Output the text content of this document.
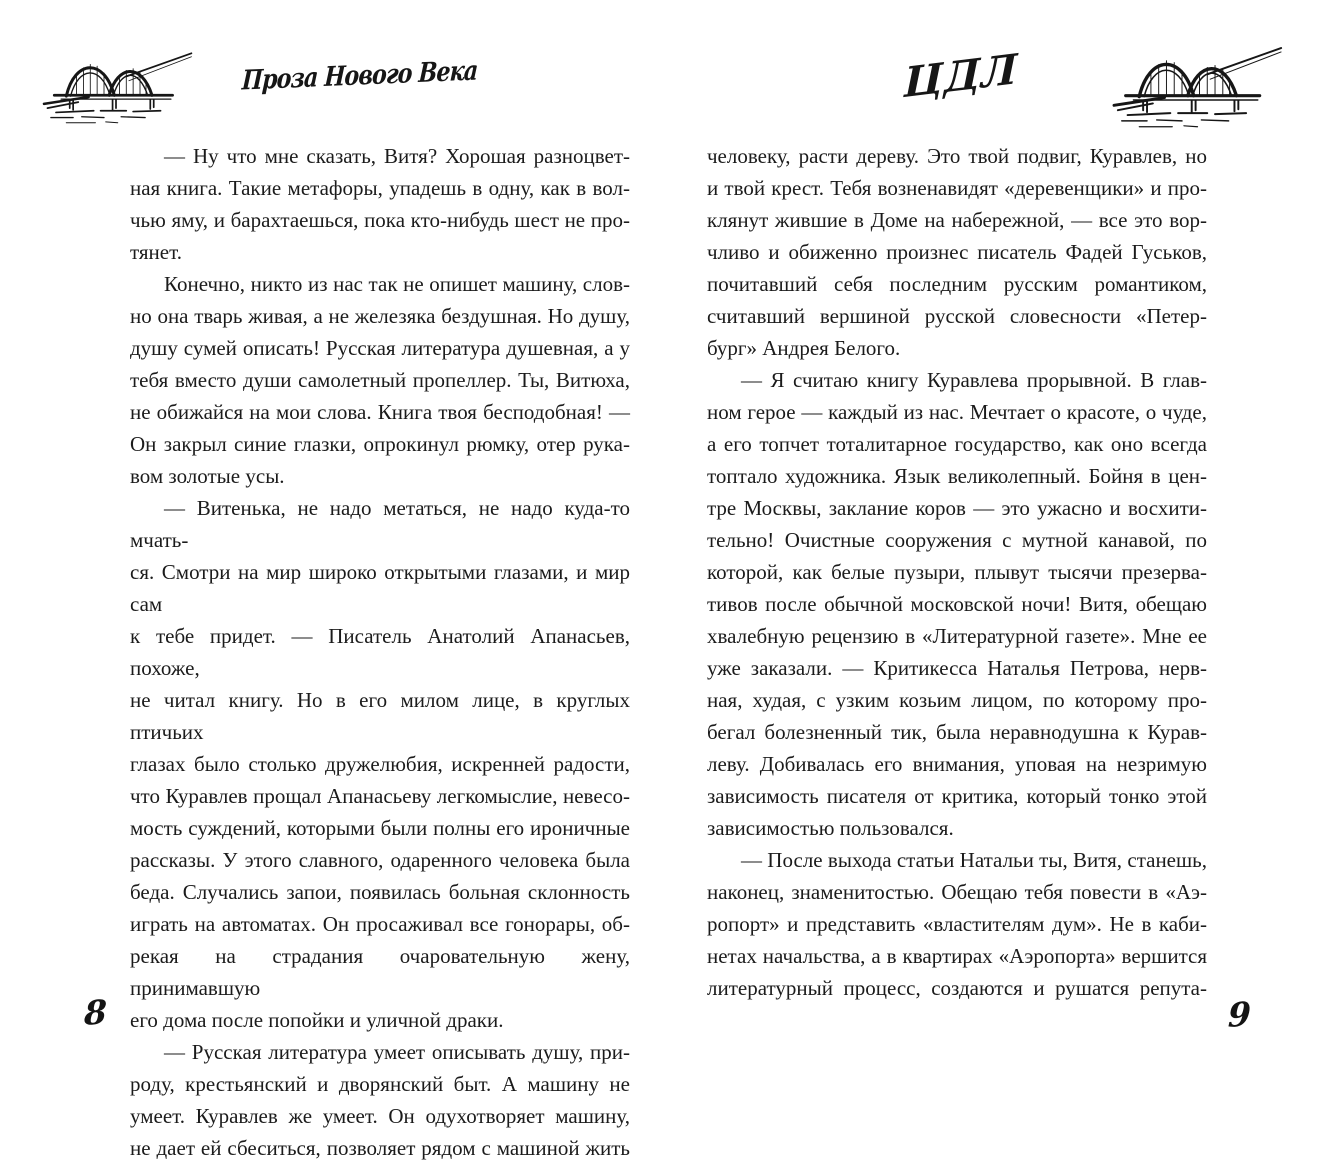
Проза Нового Века	ЦДЛ
— Ну что мне сказать, Витя? Хорошая разноцвет-
ная книга. Такие метафоры, упадешь в одну, как в вол-
чью яму, и барахтаешься, пока кто-нибудь шест не про-
тянет.
Конечно, никто из нас так не опишет машину, слов-
но она тварь живая, а не железяка бездушная. Но душу,
душу сумей описать! Русская литература душевная, а у
тебя вместо души самолетный пропеллер. Ты, Витюха,
не обижайся на мои слова. Книга твоя бесподобная! —
Он закрыл синие глазки, опрокинул рюмку, отер рука-
вом золотые усы.
— Витенька, не надо метаться, не надо куда-то мчать-
ся. Смотри на мир широко открытыми глазами, и мир сам
к тебе придет. — Писатель Анатолий Апанасьев, похоже,
не читал книгу. Но в его милом лице, в круглых птичьих
глазах было столько дружелюбия, искренней радости,
что Куравлев прощал Апанасьеву легкомыслие, невесо-
мость суждений, которыми были полны его ироничные
рассказы. У этого славного, одаренного человека была
беда. Случались запои, появилась больная склонность
играть на автоматах. Он просаживал все гонорары, об-
рекая на страдания очаровательную жену, принимавшую
его дома после попойки и уличной драки.
— Русская литература умеет описывать душу, при-
роду, крестьянский и дворянский быт. А машину не
умеет. Куравлев же умеет. Он одухотворяет машину,
не дает ей сбеситься, позволяет рядом с машиной жить
человеку, расти дереву. Это твой подвиг, Куравлев, но
и твой крест. Тебя возненавидят «деревенщики» и про-
клянут жившие в Доме на набережной, — все это вор-
чливо и обиженно произнес писатель Фадей Гуськов,
почитавший себя последним русским романтиком,
считавший вершиной русской словесности «Петер-
бург» Андрея Белого.
— Я считаю книгу Куравлева прорывной. В глав-
ном герое — каждый из нас. Мечтает о красоте, о чуде,
а его топчет тоталитарное государство, как оно всегда
топтало художника. Язык великолепный. Бойня в цен-
тре Москвы, заклание коров — это ужасно и восхити-
тельно! Очистные сооружения с мутной канавой, по
которой, как белые пузыри, плывут тысячи презерва-
тивов после обычной московской ночи! Витя, обещаю
хвалебную рецензию в «Литературной газете». Мне ее
уже заказали. — Критикесса Наталья Петрова, нерв-
ная, худая, с узким козьим лицом, по которому про-
бегал болезненный тик, была неравнодушна к Курав-
леву. Добивалась его внимания, уповая на незримую
зависимость писателя от критика, который тонко этой
зависимостью пользовался.
— После выхода статьи Натальи ты, Витя, станешь,
наконец, знаменитостью. Обещаю тебя повести в «Аэ-
ропорт» и представить «властителям дум». Не в каби-
нетах начальства, а в квартирах «Аэропорта» вершится
литературный процесс, создаются и рушатся репута-
8	9
